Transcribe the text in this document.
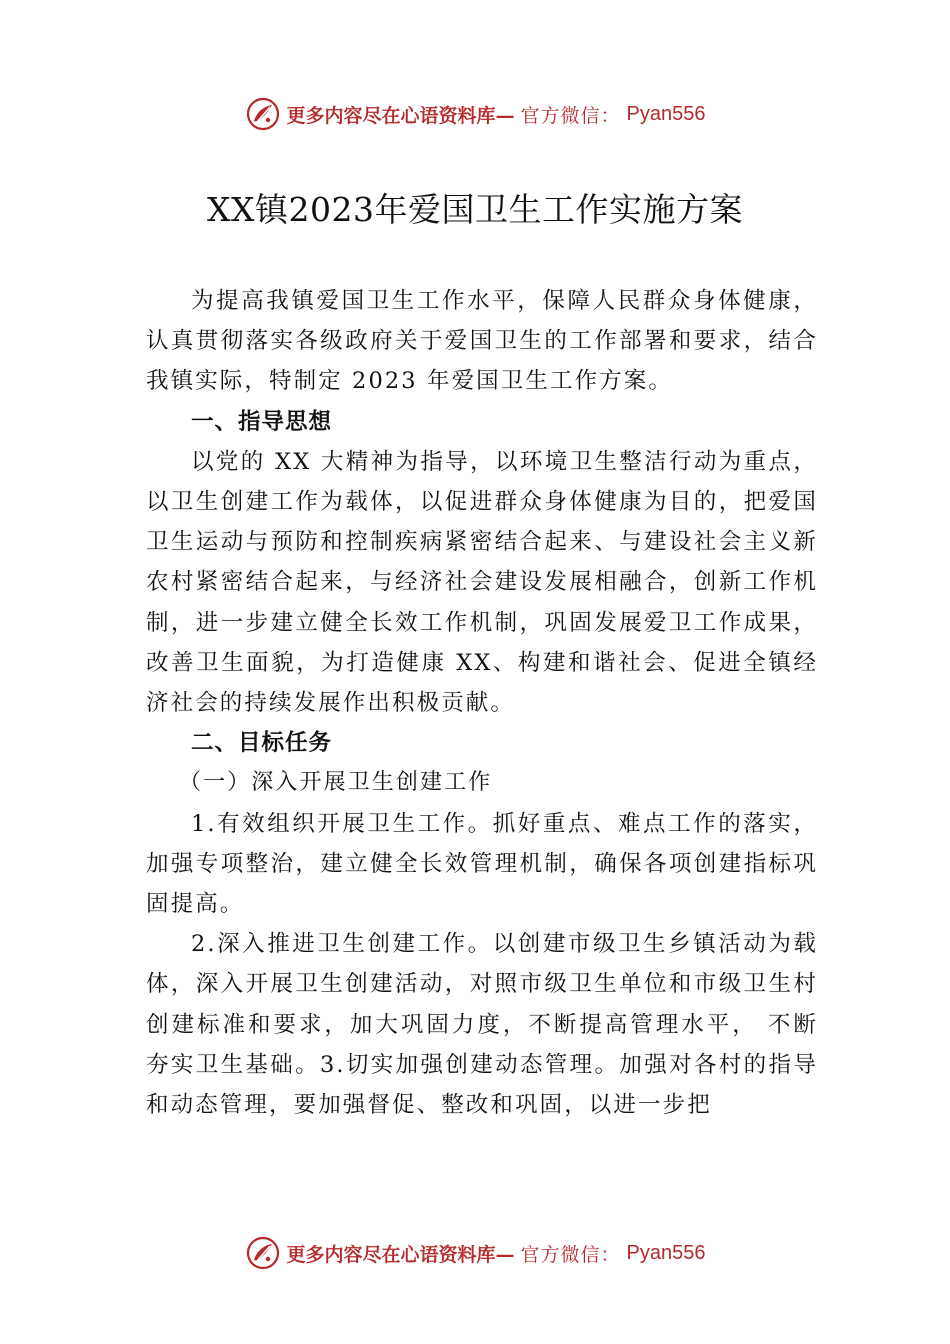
更多内容尽在心语资料库— 官方微信： Pyan556
XX镇2023年爱国卫生工作实施方案

为提高我镇爱国卫生工作水平，保障人民群众身体健康，认真贯彻落实各级政府关于爱国卫生的工作部署和要求，结合我镇实际，特制定 2023 年爱国卫生工作方案。

一、指导思想

以党的 XX 大精神为指导，以环境卫生整洁行动为重点，以卫生创建工作为载体，以促进群众身体健康为目的，把爱国卫生运动与预防和控制疾病紧密结合起来、与建设社会主义新农村紧密结合起来，与经济社会建设发展相融合，创新工作机制，进一步建立健全长效工作机制，巩固发展爱卫工作成果，改善卫生面貌，为打造健康 XX、构建和谐社会、促进全镇经济社会的持续发展作出积极贡献。

二、目标任务
（一）深入开展卫生创建工作

1.有效组织开展卫生工作。抓好重点、难点工作的落实，加强专项整治，建立健全长效管理机制，确保各项创建指标巩固提高。

2.深入推进卫生创建工作。以创建市级卫生乡镇活动为载体，深入开展卫生创建活动，对照市级卫生单位和市级卫生村创建标准和要求，加大巩固力度，不断提高管理水平， 不断夯实卫生基础。3.切实加强创建动态管理。加强对各村的指导和动态管理，要加强督促、整改和巩固，以进一步把

更多内容尽在心语资料库— 官方微信： Pyan556
